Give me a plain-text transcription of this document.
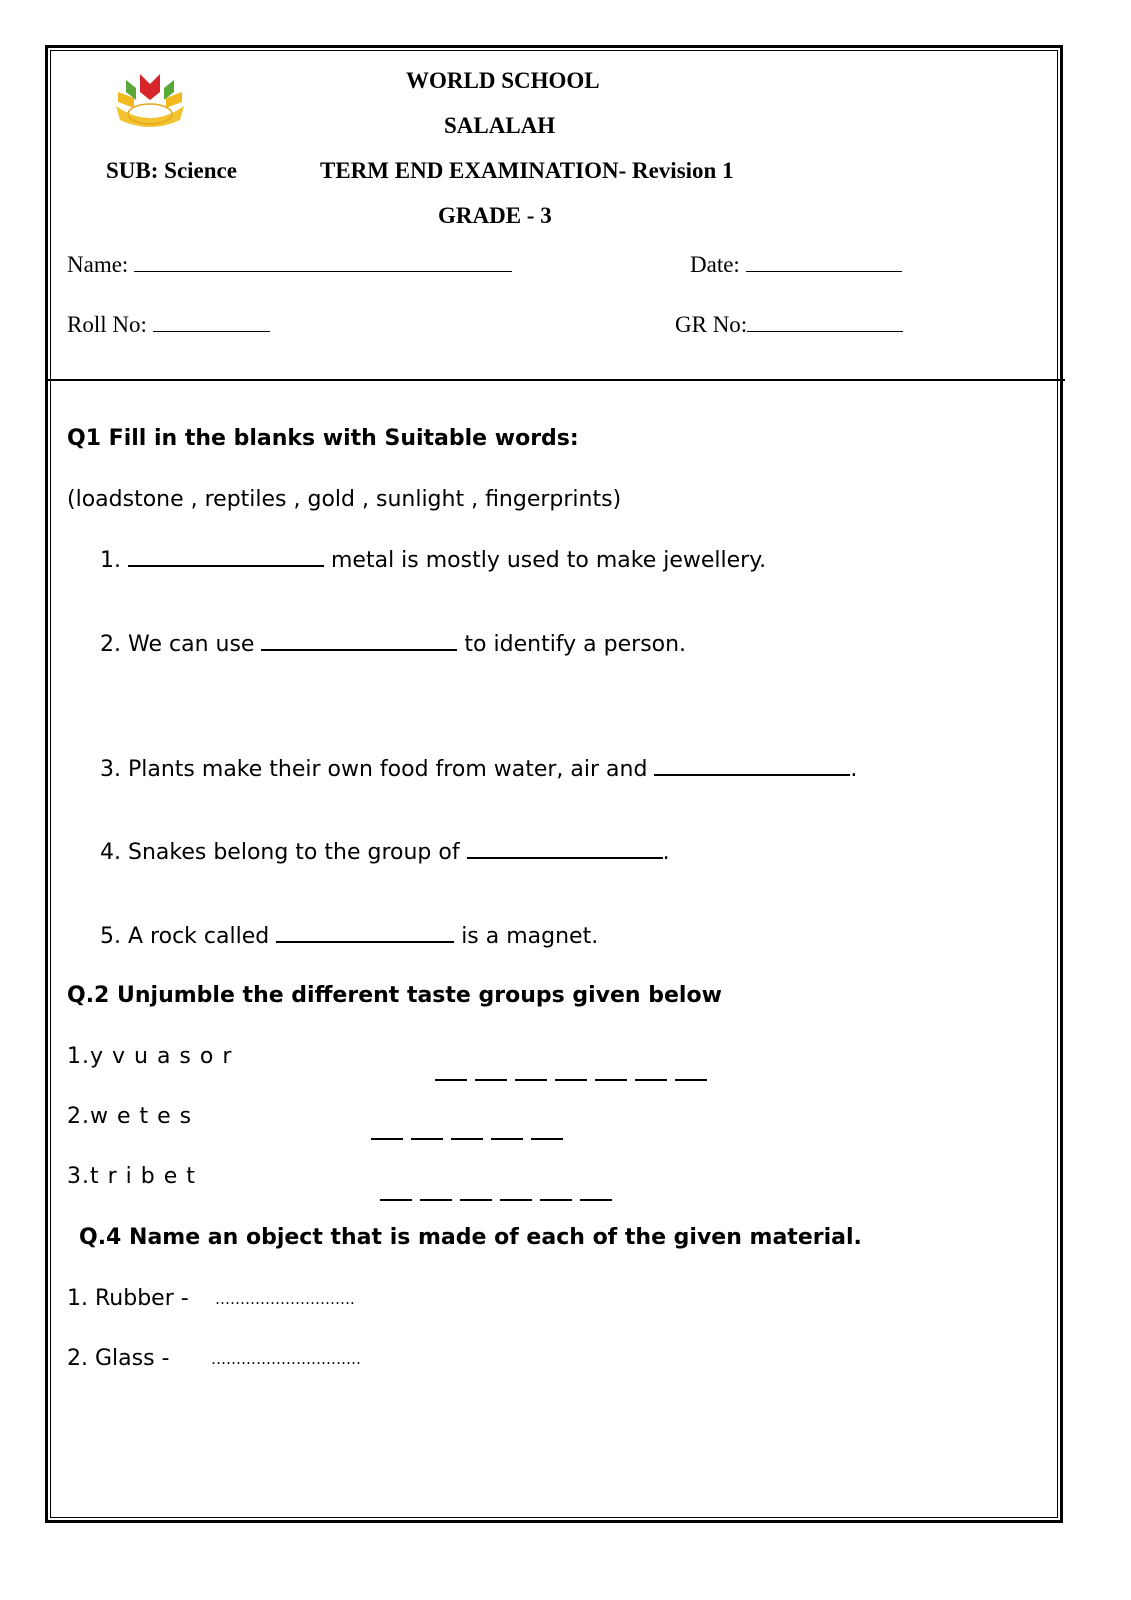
WORLD SCHOOL
SALALAH
SUB: Science	TERM END EXAMINATION- Revision 1
GRADE - 3
Name:	Date:
Roll No:	GR No:
Q1 Fill in the blanks with Suitable words:
(loadstone , reptiles , gold , sunlight , fingerprints)
1.	metal is mostly used to make jewellery.
2. We can use	to identify a person.
3. Plants make their own food from water, air and	.
4. Snakes belong to the group of	.
5. A rock called	is a magnet.
Q.2 Unjumble the different taste groups given below
1.y v u a s o r
2.w e t e s
3.t r i b e t
Q.4 Name an object that is made of each of the given material.
1. Rubber - ……………………….
2. Glass -	…………………………
